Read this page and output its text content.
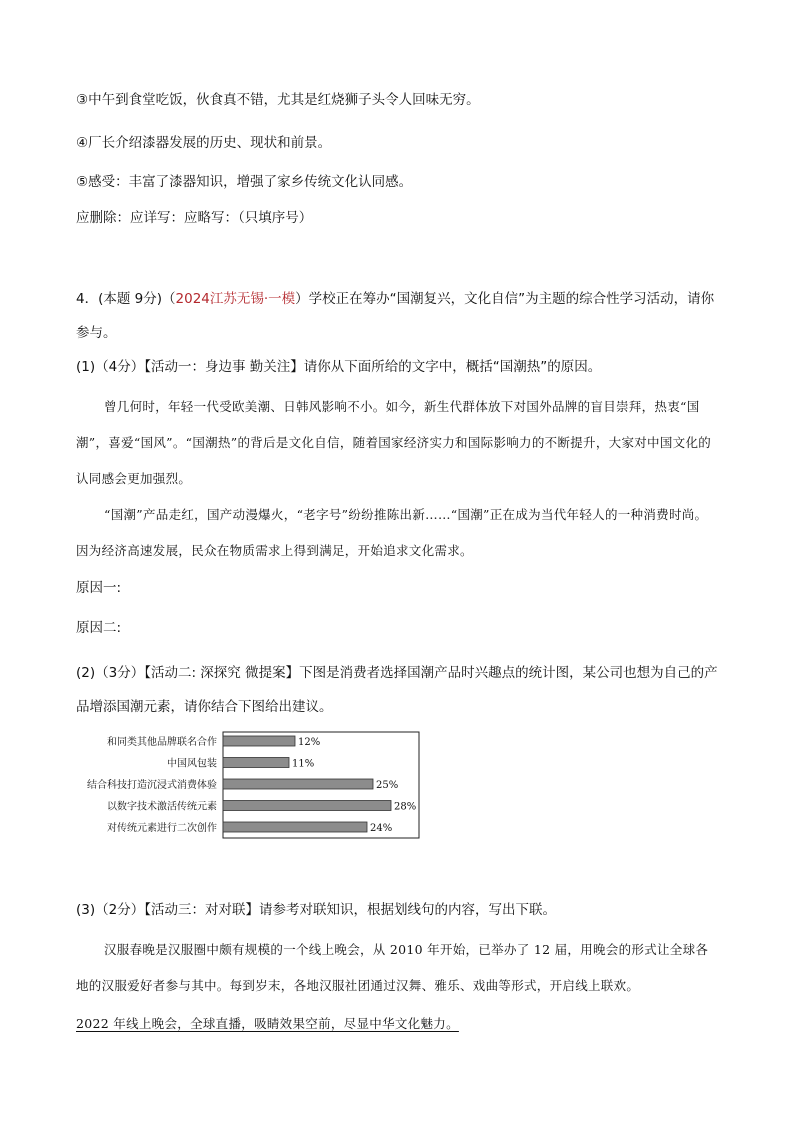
③中午到食堂吃饭，伙食真不错，尤其是红烧狮子头令人回味无穷。
④厂长介绍漆器发展的历史、现状和前景。
⑤感受：丰富了漆器知识，增强了家乡传统文化认同感。
应删除：应详写：应略写：（只填序号）
4．(本题 9分)（2024江苏无锡·一模）学校正在筹办“国潮复兴，文化自信”为主题的综合性学习活动，请你参与。
(1)（4分）【活动一：身边事 勤关注】请你从下面所给的文字中，概括“国潮热”的原因。

曾几何时，年轻一代受欧美潮、日韩风影响不小。如今，新生代群体放下对国外品牌的盲目崇拜，热衷“国潮”，喜爱“国风”。“国潮热”的背后是文化自信，随着国家经济实力和国际影响力的不断提升，大家对中国文化的认同感会更加强烈。

“国潮”产品走红，国产动漫爆火，“老字号”纷纷推陈出新……“国潮”正在成为当代年轻人的一种消费时尚。因为经济高速发展，民众在物质需求上得到满足，开始追求文化需求。

原因一:
原因二:
(2)（3分）【活动二: 深探究 微提案】下图是消费者选择国潮产品时兴趣点的统计图，某公司也想为自己的产品增添国潮元素，请你结合下图给出建议。
和同类其他品牌联名合作	12%
中国风包装	11%
结合科技打造沉浸式消费体验	25%
以数字技术激活传统元素	28%
对传统元素进行二次创作	24%
(3)（2分）【活动三：对对联】请参考对联知识，根据划线句的内容，写出下联。

汉服春晚是汉服圈中颇有规模的一个线上晚会，从 2010 年开始，已举办了 12 届，用晚会的形式让全球各地的汉服爱好者参与其中。每到岁末，各地汉服社团通过汉舞、雅乐、戏曲等形式，开启线上联欢。

2022 年线上晚会，全球直播，吸睛效果空前，尽显中华文化魅力。
